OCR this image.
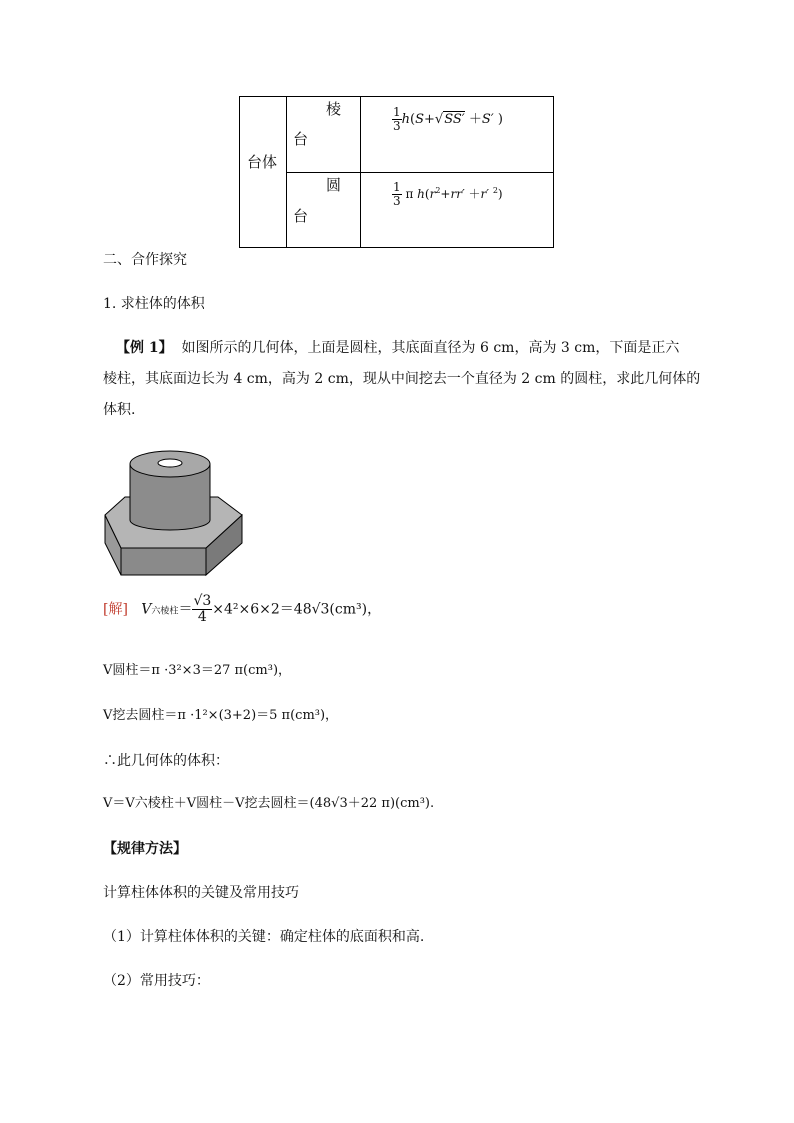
台体
棱
台
圆
台
$\frac{1}{3} h(S+√SS' +S'$ )
$\frac{1}{3}$ π $h(r^2+rr' +r'$ $^2$)
二、合作探究
1. 求柱体的体积
【例 1】 如图所示的几何体，上面是圆柱，其底面直径为 6 cm，高为 3 cm，下面是正六
棱柱，其底面边长为 4 cm，高为 2 cm，现从中间挖去一个直径为 2 cm 的圆柱，求此几何体的
体积.
[解] V六棱柱＝ $\frac{√3}{4} \times 4^2\times 6\times 2=48√3(cm^3)$，
V圆柱＝π ·3²×3＝27 π(cm³)，
V挖去圆柱＝π ·1²×(3+2)＝5 π(cm³)，
∴此几何体的体积：
V＝V六棱柱＋V圆柱－V挖去圆柱＝(48√3＋22 π)(cm³).
【规律方法】
计算柱体体积的关键及常用技巧
（1）计算柱体体积的关键：确定柱体的底面积和高.
（2）常用技巧：
